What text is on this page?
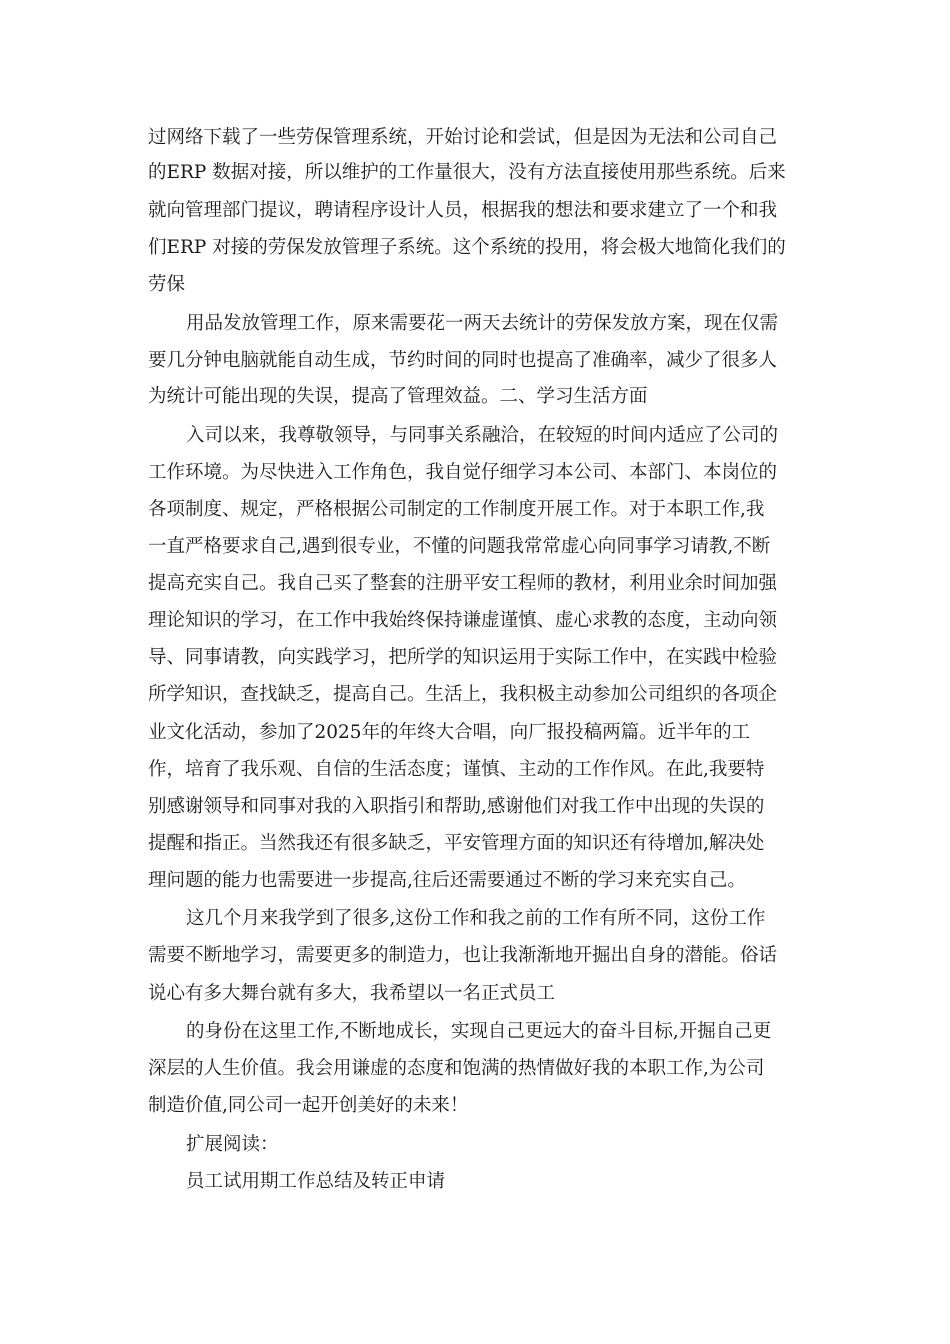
过网络下载了一些劳保管理系统，开始讨论和尝试，但是因为无法和公司自己
的ERP 数据对接，所以维护的工作量很大，没有方法直接使用那些系统。后来
就向管理部门提议，聘请程序设计人员，根据我的想法和要求建立了一个和我
们ERP 对接的劳保发放管理子系统。这个系统的投用，将会极大地简化我们的
劳保
用品发放管理工作，原来需要花一两天去统计的劳保发放方案，现在仅需
要几分钟电脑就能自动生成，节约时间的同时也提高了准确率，减少了很多人
为统计可能出现的失误，提高了管理效益。二、学习生活方面
入司以来，我尊敬领导，与同事关系融洽，在较短的时间内适应了公司的
工作环境。为尽快进入工作角色，我自觉仔细学习本公司、本部门、本岗位的
各项制度、规定，严格根据公司制定的工作制度开展工作。对于本职工作,我
一直严格要求自己,遇到很专业，不懂的问题我常常虚心向同事学习请教,不断
提高充实自己。我自己买了整套的注册平安工程师的教材，利用业余时间加强
理论知识的学习，在工作中我始终保持谦虚谨慎、虚心求教的态度，主动向领
导、同事请教，向实践学习，把所学的知识运用于实际工作中，在实践中检验
所学知识，查找缺乏，提高自己。生活上，我积极主动参加公司组织的各项企
业文化活动，参加了2025年的年终大合唱，向厂报投稿两篇。近半年的工
作，培育了我乐观、自信的生活态度；谨慎、主动的工作作风。在此,我要特
别感谢领导和同事对我的入职指引和帮助,感谢他们对我工作中出现的失误的
提醒和指正。当然我还有很多缺乏，平安管理方面的知识还有待增加,解决处
理问题的能力也需要进一步提高,往后还需要通过不断的学习来充实自己。
这几个月来我学到了很多,这份工作和我之前的工作有所不同，这份工作
需要不断地学习，需要更多的制造力，也让我渐渐地开掘出自身的潜能。俗话
说心有多大舞台就有多大，我希望以一名正式员工
的身份在这里工作,不断地成长，实现自己更远大的奋斗目标,开掘自己更
深层的人生价值。我会用谦虚的态度和饱满的热情做好我的本职工作,为公司
制造价值,同公司一起开创美好的未来！
扩展阅读：
员工试用期工作总结及转正申请
